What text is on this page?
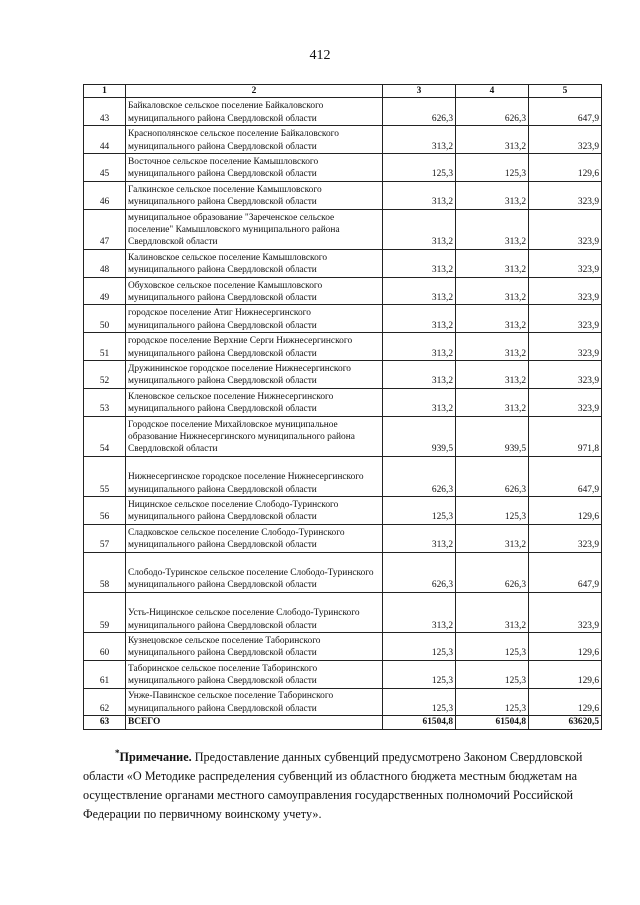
412
1	2	3	4	5
43	Байкаловское сельское поселение Байкаловского муниципального района Свердловской области	626,3	626,3	647,9
44	Краснополянское сельское поселение Байкаловского муниципального района Свердловской области	313,2	313,2	323,9
45	Восточное сельское поселение Камышловского муниципального района Свердловской области	125,3	125,3	129,6
46	Галкинское сельское поселение Камышловского муниципального района Свердловской области	313,2	313,2	323,9
47	муниципальное образование "Зареченское сельское поселение" Камышловского муниципального района Свердловской области	313,2	313,2	323,9
48	Калиновское сельское поселение Камышловского муниципального района Свердловской области	313,2	313,2	323,9
49	Обуховское сельское поселение Камышловского муниципального района Свердловской области	313,2	313,2	323,9
50	городское поселение Атиг Нижнесергинского муниципального района Свердловской области	313,2	313,2	323,9
51	городское поселение Верхние Серги Нижнесергинского муниципального района Свердловской области	313,2	313,2	323,9
52	Дружининское городское поселение Нижнесергинского муниципального района Свердловской области	313,2	313,2	323,9
53	Кленовское сельское поселение Нижнесергинского муниципального района Свердловской области	313,2	313,2	323,9
54	Городское поселение Михайловское муниципальное образование Нижнесергинского муниципального района Свердловской области	939,5	939,5	971,8
55	Нижнесергинское городское поселение Нижнесергинского муниципального района Свердловской области	626,3	626,3	647,9
56	Ницинское сельское поселение Слободо-Туринского муниципального района Свердловской области	125,3	125,3	129,6
57	Сладковское сельское поселение Слободо-Туринского муниципального района Свердловской области	313,2	313,2	323,9
58	Слободо-Туринское сельское поселение Слободо-Туринского муниципального района Свердловской области	626,3	626,3	647,9
59	Усть-Ницинское сельское поселение Слободо-Туринского муниципального района Свердловской области	313,2	313,2	323,9
60	Кузнецовское сельское поселение Таборинского муниципального района Свердловской области	125,3	125,3	129,6
61	Таборинское сельское поселение Таборинского муниципального района Свердловской области	125,3	125,3	129,6
62	Унже-Павинское сельское поселение Таборинского муниципального района Свердловской области	125,3	125,3	129,6
63	ВСЕГО	61504,8	61504,8	63620,5
*Примечание. Предоставление данных субвенций предусмотрено Законом Свердловской области «О Методике распределения субвенций из областного бюджета местным бюджетам на осуществление органами местного самоуправления государственных полномочий Российской Федерации по первичному воинскому учету».
